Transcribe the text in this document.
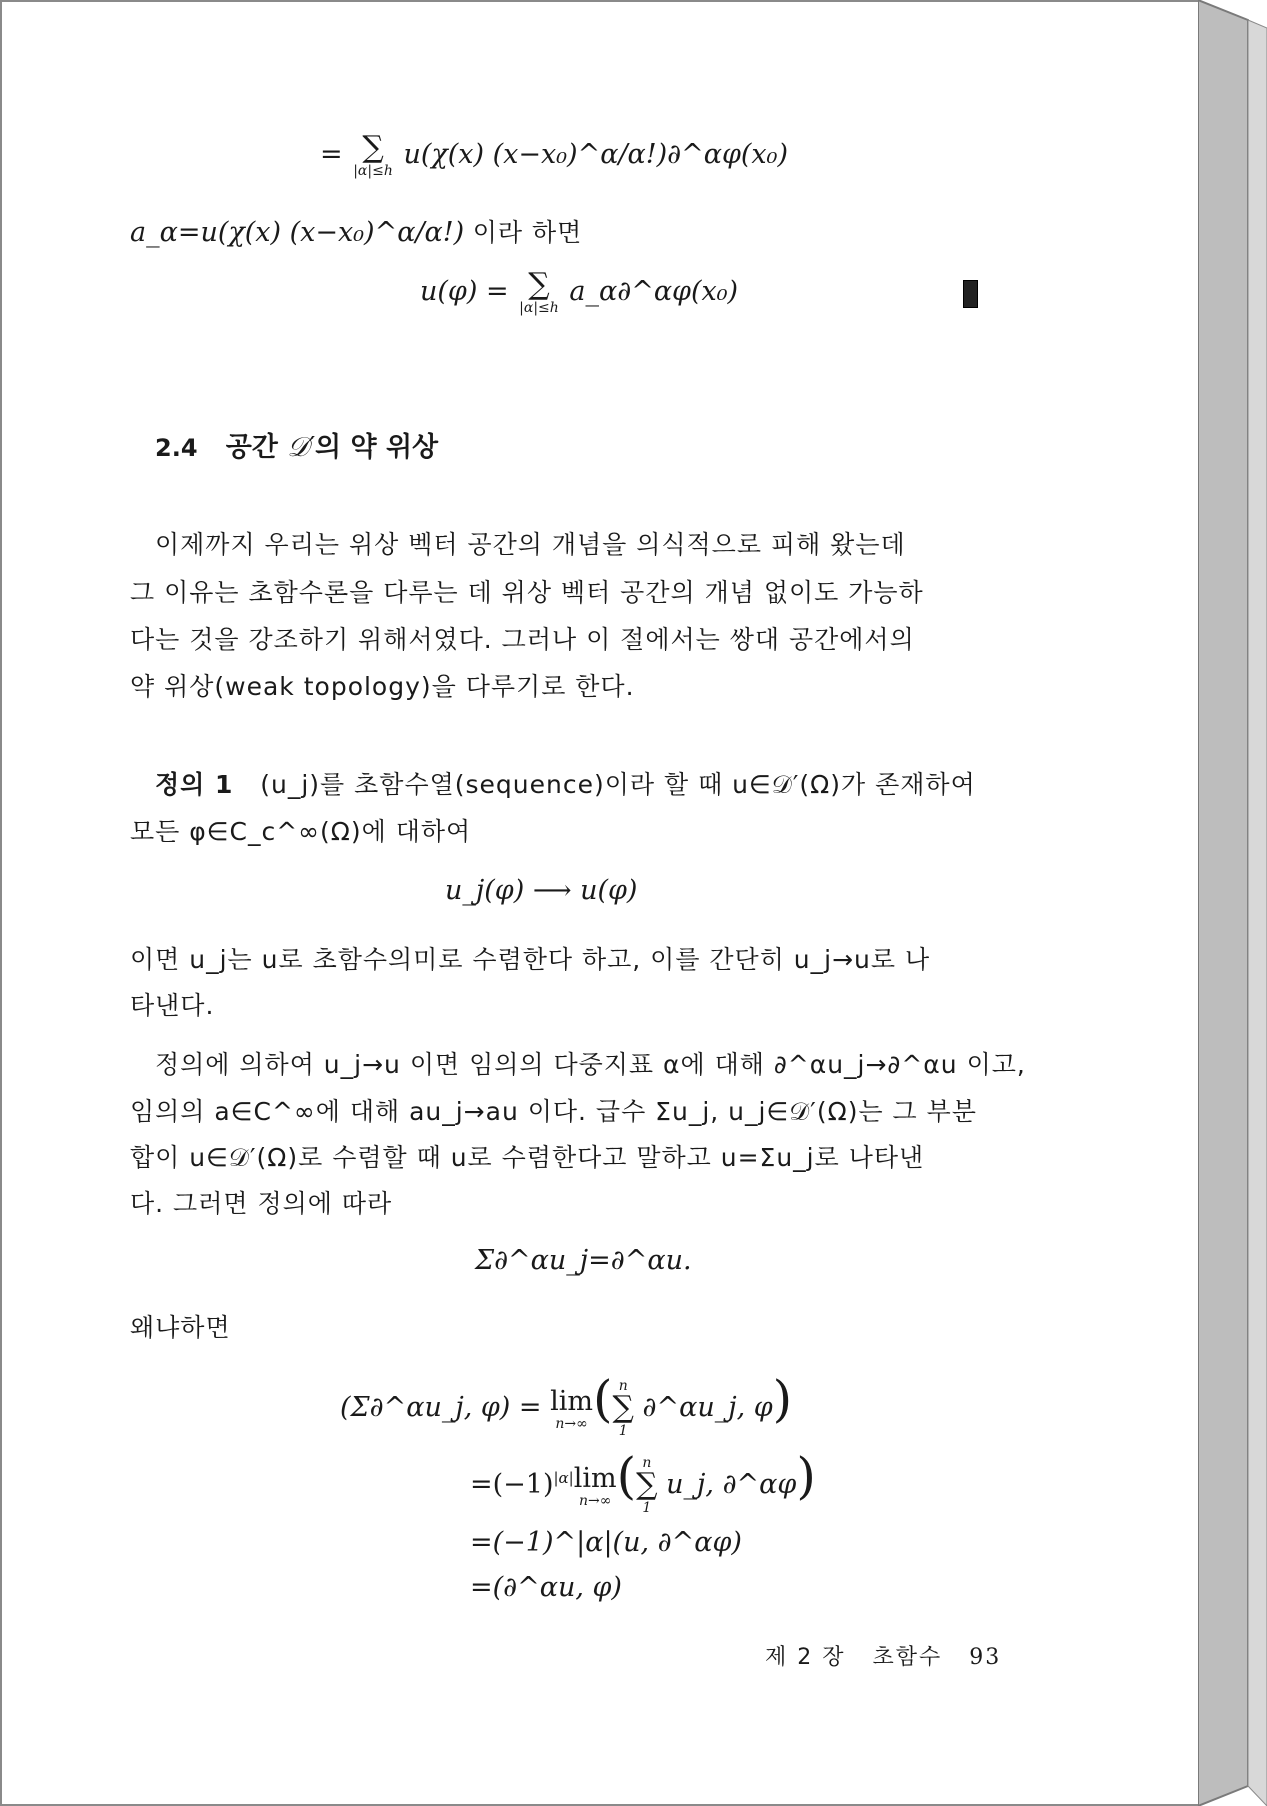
= ∑
|α|≤h
u(χ(x) (x−x₀)^α/α!)∂^αφ(x₀)
a_α=u(χ(x) (x−x₀)^α/α!) 이라 하면
u(φ) = ∑
|α|≤h
a_α∂^αφ(x₀)
2.4 공간 𝒟′의 약 위상
이제까지 우리는 위상 벡터 공간의 개념을 의식적으로 피해 왔는데
그 이유는 초함수론을 다루는 데 위상 벡터 공간의 개념 없이도 가능하
다는 것을 강조하기 위해서였다. 그러나 이 절에서는 쌍대 공간에서의
약 위상(weak topology)을 다루기로 한다.
정의 1 (u_j)를 초함수열(sequence)이라 할 때 u∈𝒟′(Ω)가 존재하여
모든 φ∈C_c^∞(Ω)에 대하여
u_j(φ) ⟶ u(φ)
이면 u_j는 u로 초함수의미로 수렴한다 하고, 이를 간단히 u_j→u로 나
타낸다.
정의에 의하여 u_j→u 이면 임의의 다중지표 α에 대해 ∂^αu_j→∂^αu 이고,
임의의 a∈C^∞에 대해 au_j→au 이다. 급수 Σu_j, u_j∈𝒟′(Ω)는 그 부분
합이 u∈𝒟′(Ω)로 수렴할 때 u로 수렴한다고 말하고 u=Σu_j로 나타낸
다. 그러면 정의에 따라
Σ∂^αu_j=∂^αu.
왜냐하면
(Σ∂^αu_j, φ) = lim
n→∞ ( n
∑
1
∂^αu_j, φ)
$=(-1)^{|\alpha|}\lim$
n→∞ ( n
∑
1
u_j, ∂^αφ)
=(−1)^|α|(u, ∂^αφ)
=(∂^αu, φ)
제 2 장 초함수 93
